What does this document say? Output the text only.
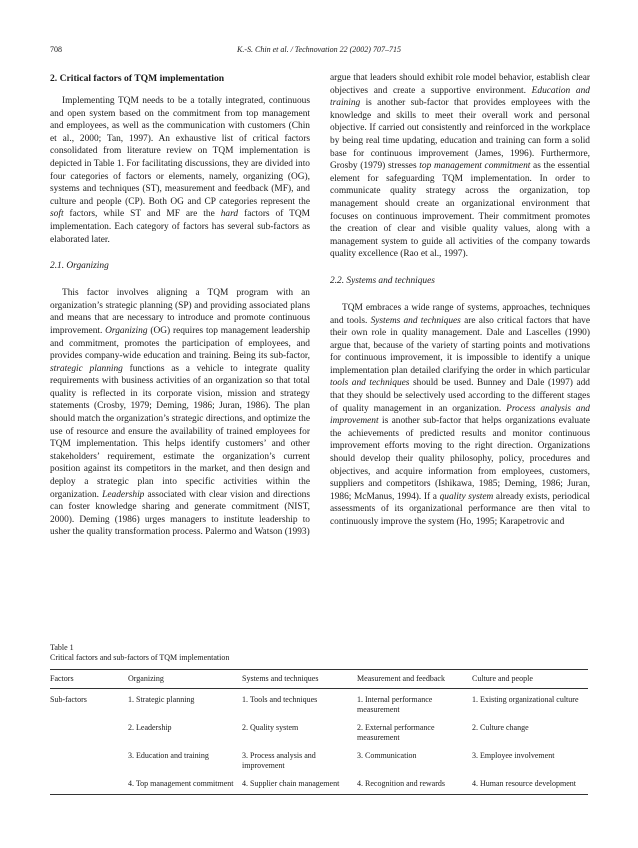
708	K.-S. Chin et al. / Technovation 22 (2002) 707–715
2. Critical factors of TQM implementation

Implementing TQM needs to be a totally integrated, continuous and open system based on the commitment from top management and employees, as well as the communication with customers (Chin et al., 2000; Tan, 1997). An exhaustive list of critical factors consolidated from literature review on TQM implementation is depicted in Table 1. For facilitating discussions, they are divided into four categories of factors or elements, namely, organizing (OG), systems and techniques (ST), measurement and feedback (MF), and culture and people (CP). Both OG and CP categories represent the soft factors, while ST and MF are the hard factors of TQM implementation. Each category of factors has several sub-factors as elaborated later.

2.1. Organizing

This factor involves aligning a TQM program with an organization’s strategic planning (SP) and providing associated plans and means that are necessary to introduce and promote continuous improvement. Organizing (OG) requires top management leadership and commitment, promotes the participation of employees, and provides company-wide education and training. Being its sub-factor, strategic planning functions as a vehicle to integrate quality requirements with business activities of an organization so that total quality is reflected in its corporate vision, mission and strategy statements (Crosby, 1979; Deming, 1986; Juran, 1986). The plan should match the organization’s strategic directions, and optimize the use of resource and ensure the availability of trained employees for TQM implementation. This helps identify customers’ and other stakeholders’ requirement, estimate the organization’s current position against its competitors in the market, and then design and deploy a strategic plan into specific activities within the organization. Leadership associated with clear vision and directions can foster knowledge sharing and generate commitment (NIST, 2000). Deming (1986) urges managers to institute leadership to usher the quality transformation process. Palermo and Watson (1993)

argue that leaders should exhibit role model behavior, establish clear objectives and create a supportive environment. Education and training is another sub-factor that provides employees with the knowledge and skills to meet their overall work and personal objective. If carried out consistently and reinforced in the workplace by being real time updating, education and training can form a solid base for continuous improvement (James, 1996). Furthermore, Grosby (1979) stresses top management commitment as the essential element for safeguarding TQM implementation. In order to communicate quality strategy across the organization, top management should create an organizational environment that focuses on continuous improvement. Their commitment promotes the creation of clear and visible quality values, along with a management system to guide all activities of the company towards quality excellence (Rao et al., 1997).

2.2. Systems and techniques

TQM embraces a wide range of systems, approaches, techniques and tools. Systems and techniques are also critical factors that have their own role in quality management. Dale and Lascelles (1990) argue that, because of the variety of starting points and motivations for continuous improvement, it is impossible to identify a unique implementation plan detailed clarifying the order in which particular tools and techniques should be used. Bunney and Dale (1997) add that they should be selectively used according to the different stages of quality management in an organization. Process analysis and improvement is another sub-factor that helps organizations evaluate the achievements of predicted results and monitor continuous improvement efforts moving to the right direction. Organizations should develop their quality philosophy, policy, procedures and objectives, and acquire information from employees, customers, suppliers and competitors (Ishikawa, 1985; Deming, 1986; Juran, 1986; McManus, 1994). If a quality system already exists, periodical assessments of its organizational performance are then vital to continuously improve the system (Ho, 1995; Karapetrovic and

Table 1

Critical factors and sub-factors of TQM implementation

Factors	Organizing	Systems and techniques	Measurement and feedback	Culture and people
Sub-factors	1. Strategic planning	1. Tools and techniques	1. Internal performance measurement	1. Existing organizational culture
	2. Leadership	2. Quality system	2. External performance measurement	2. Culture change
	3. Education and training	3. Process analysis and improvement	3. Communication	3. Employee involvement
	4. Top management commitment	4. Supplier chain management	4. Recognition and rewards	4. Human resource development
